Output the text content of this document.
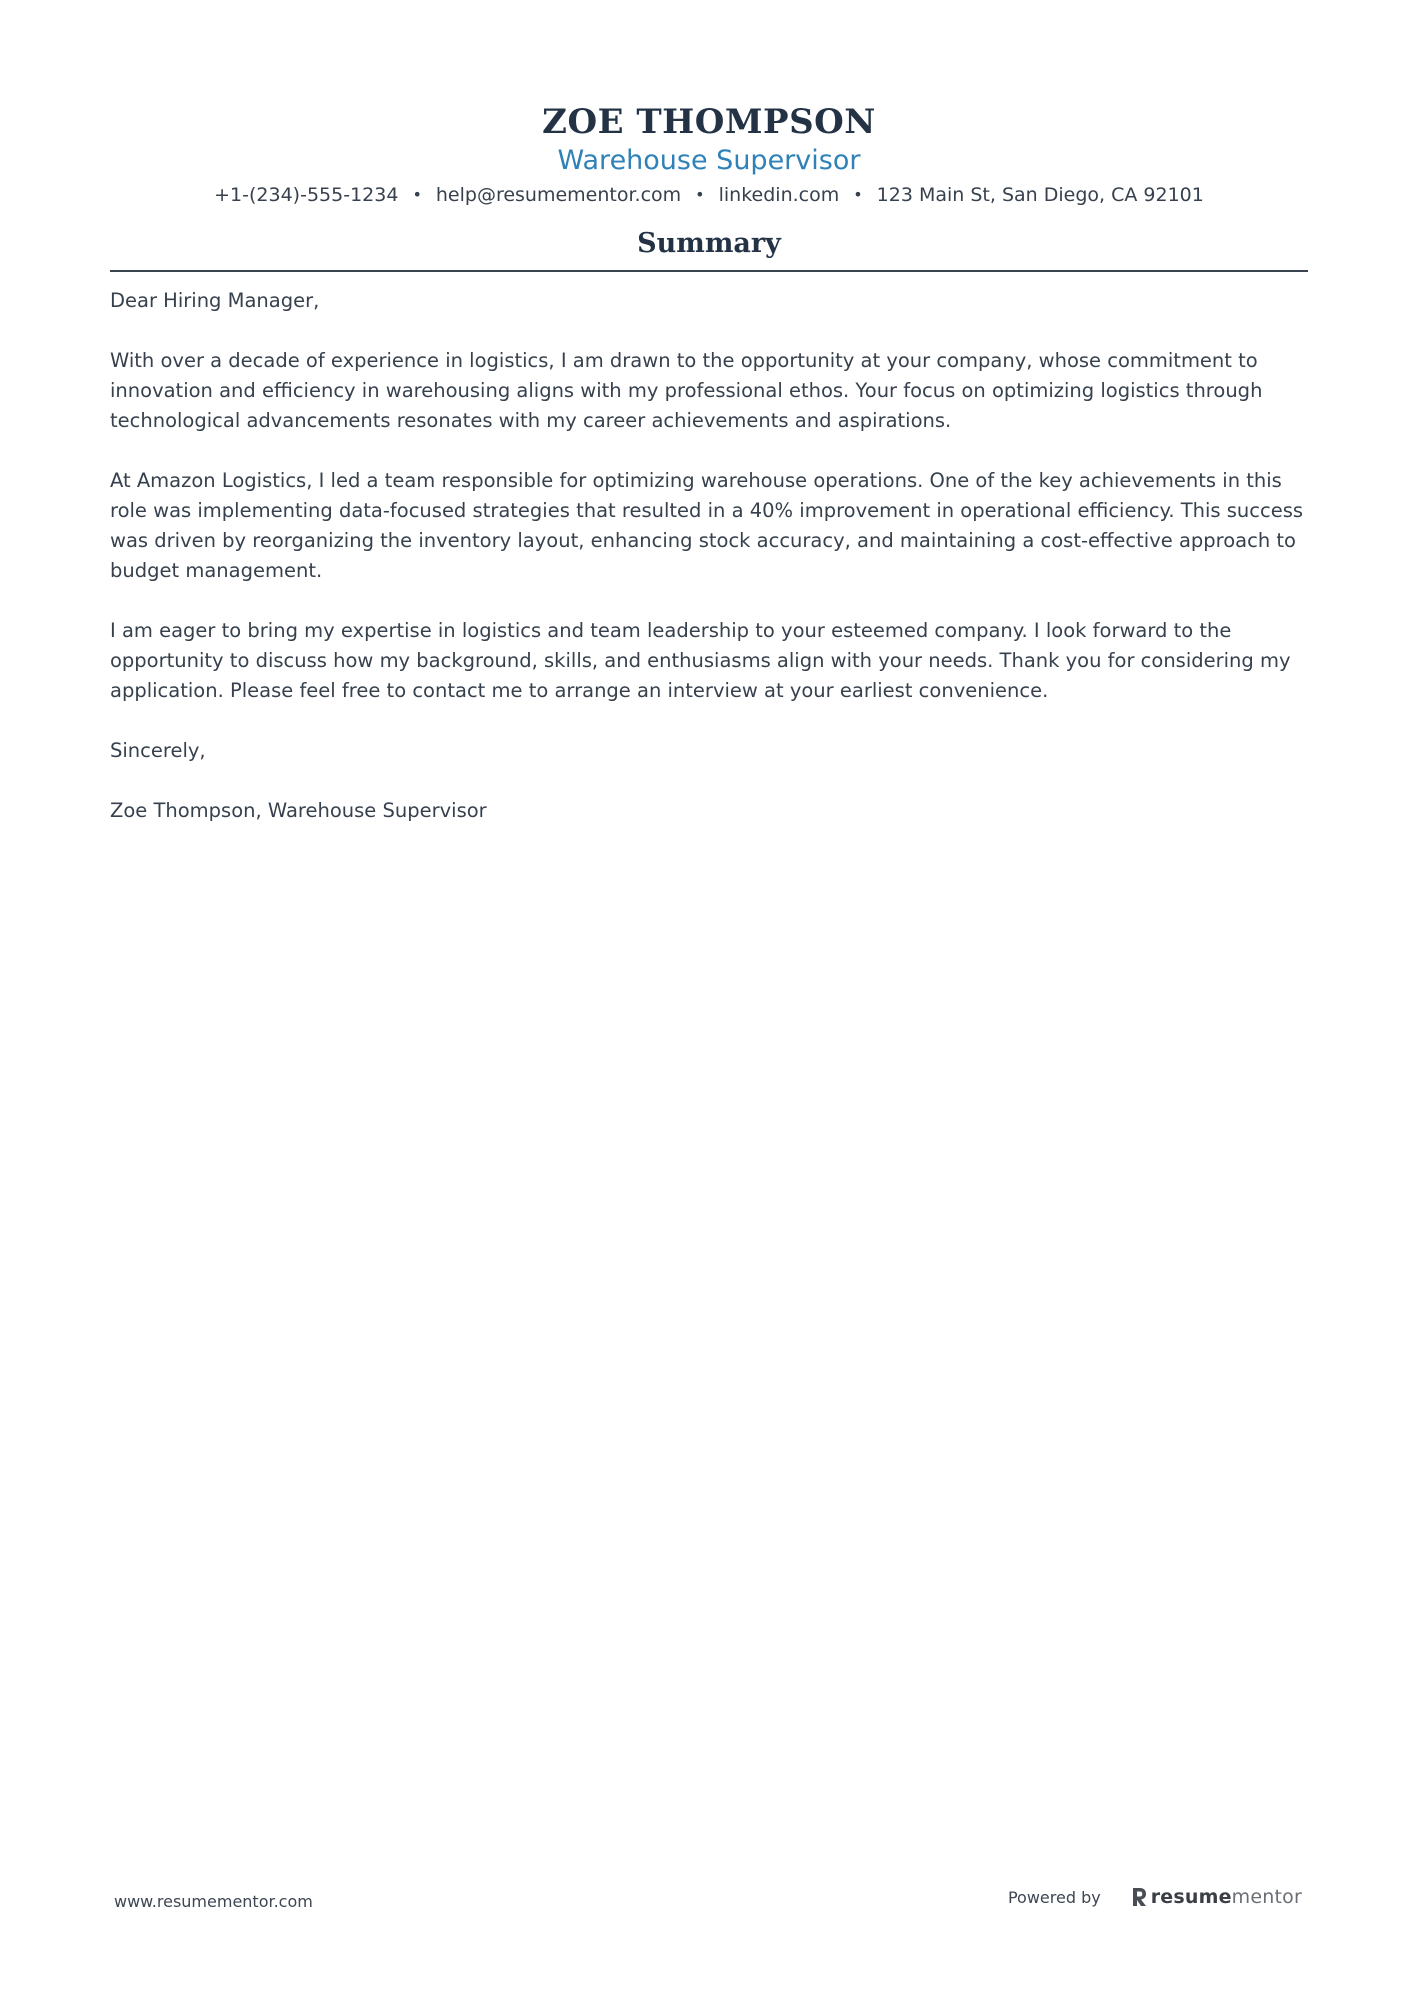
ZOE THOMPSON
Warehouse Supervisor
+1-(234)-555-1234 • help@resumementor.com • linkedin.com • 123 Main St, San Diego, CA 92101
Summary

Dear Hiring Manager,

With over a decade of experience in logistics, I am drawn to the opportunity at your company, whose commitment to innovation and efficiency in warehousing aligns with my professional ethos. Your focus on optimizing logistics through technological advancements resonates with my career achievements and aspirations.

At Amazon Logistics, I led a team responsible for optimizing warehouse operations. One of the key achievements in this role was implementing data-focused strategies that resulted in a 40% improvement in operational efficiency. This success was driven by reorganizing the inventory layout, enhancing stock accuracy, and maintaining a cost-effective approach to budget management.

I am eager to bring my expertise in logistics and team leadership to your esteemed company. I look forward to the opportunity to discuss how my background, skills, and enthusiasms align with your needs. Thank you for considering my application. Please feel free to contact me to arrange an interview at your earliest convenience.

Sincerely,

Zoe Thompson, Warehouse Supervisor

www.resumementor.com	Powered by	resumementor
